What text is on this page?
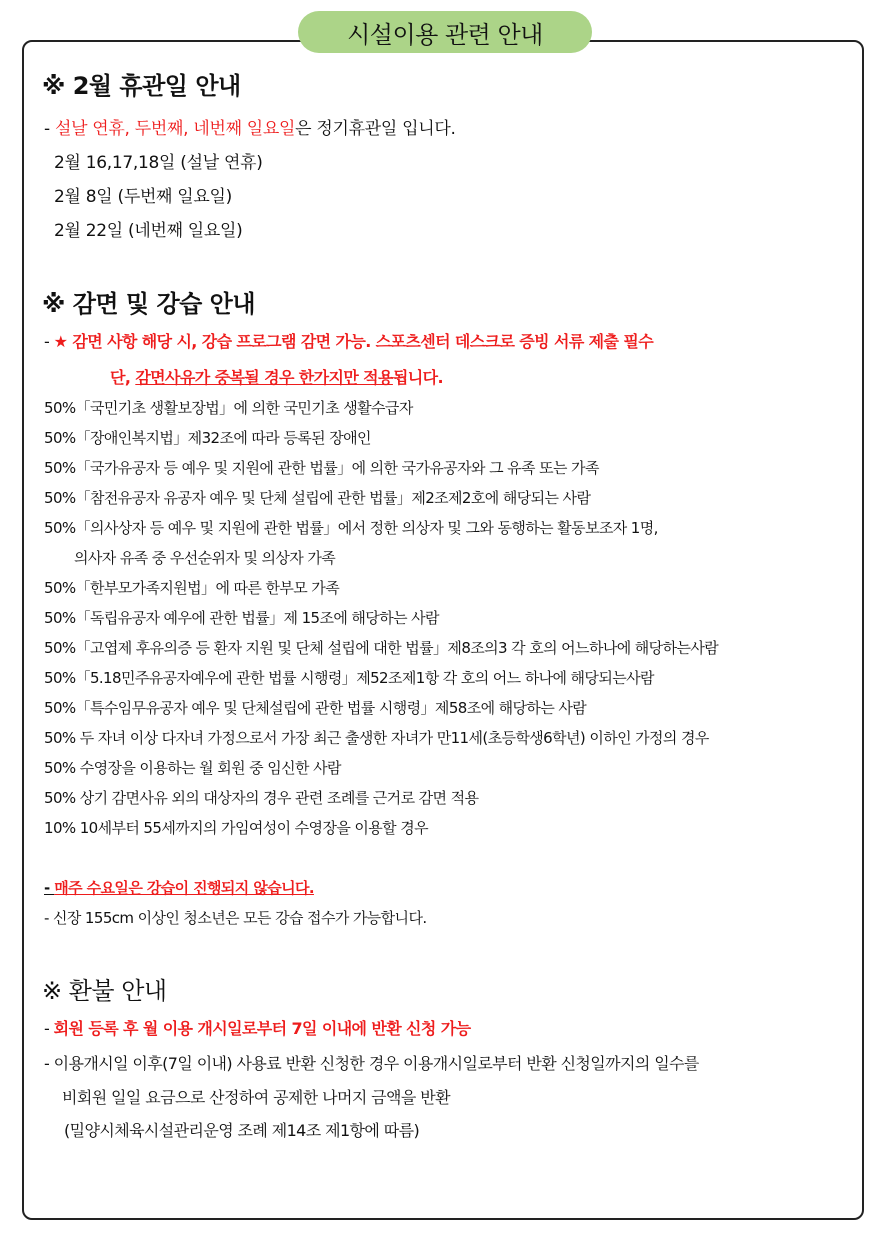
시설이용 관련 안내
※ 2월 휴관일 안내
- 설날 연휴, 두번째, 네번째 일요일은 정기휴관일 입니다.
2월 16,17,18일 (설날 연휴)
2월 8일 (두번째 일요일)
2월 22일 (네번째 일요일)
※ 감면 및 강습 안내
- ★ 감면 사항 해당 시, 강습 프로그램 감면 가능. 스포츠센터 데스크로 증빙 서류 제출 필수
단, 감면사유가 중복될 경우 한가지만 적용됩니다.
50%「국민기초 생활보장법」에 의한 국민기초 생활수급자
50%「장애인복지법」제32조에 따라 등록된 장애인
50%「국가유공자 등 예우 및 지원에 관한 법률」에 의한 국가유공자와 그 유족 또는 가족
50%「참전유공자 유공자 예우 및 단체 설립에 관한 법률」제2조제2호에 해당되는 사람
50%「의사상자 등 예우 및 지원에 관한 법률」에서 정한 의상자 및 그와 동행하는 활동보조자 1명,
의사자 유족 중 우선순위자 및 의상자 가족
50%「한부모가족지원법」에 따른 한부모 가족
50%「독립유공자 예우에 관한 법률」제 15조에 해당하는 사람
50%「고엽제 후유의증 등 환자 지원 및 단체 설립에 대한 법률」제8조의3 각 호의 어느하나에 해당하는사람
50%「5.18민주유공자예우에 관한 법률 시행령」제52조제1항 각 호의 어느 하나에 해당되는사람
50%「특수임무유공자 예우 및 단체설립에 관한 법률 시행령」제58조에 해당하는 사람
50% 두 자녀 이상 다자녀 가정으로서 가장 최근 출생한 자녀가 만11세(초등학생6학년) 이하인 가정의 경우
50% 수영장을 이용하는 월 회원 중 임신한 사람
50% 상기 감면사유 외의 대상자의 경우 관련 조례를 근거로 감면 적용
10% 10세부터 55세까지의 가임여성이 수영장을 이용할 경우
- 매주 수요일은 강습이 진행되지 않습니다.
- 신장 155cm 이상인 청소년은 모든 강습 접수가 가능합니다.
※ 환불 안내
- 회원 등록 후 월 이용 개시일로부터 7일 이내에 반환 신청 가능
- 이용개시일 이후(7일 이내) 사용료 반환 신청한 경우 이용개시일로부터 반환 신청일까지의 일수를
비회원 일일 요금으로 산정하여 공제한 나머지 금액을 반환
(밀양시체육시설관리운영 조례 제14조 제1항에 따름)
